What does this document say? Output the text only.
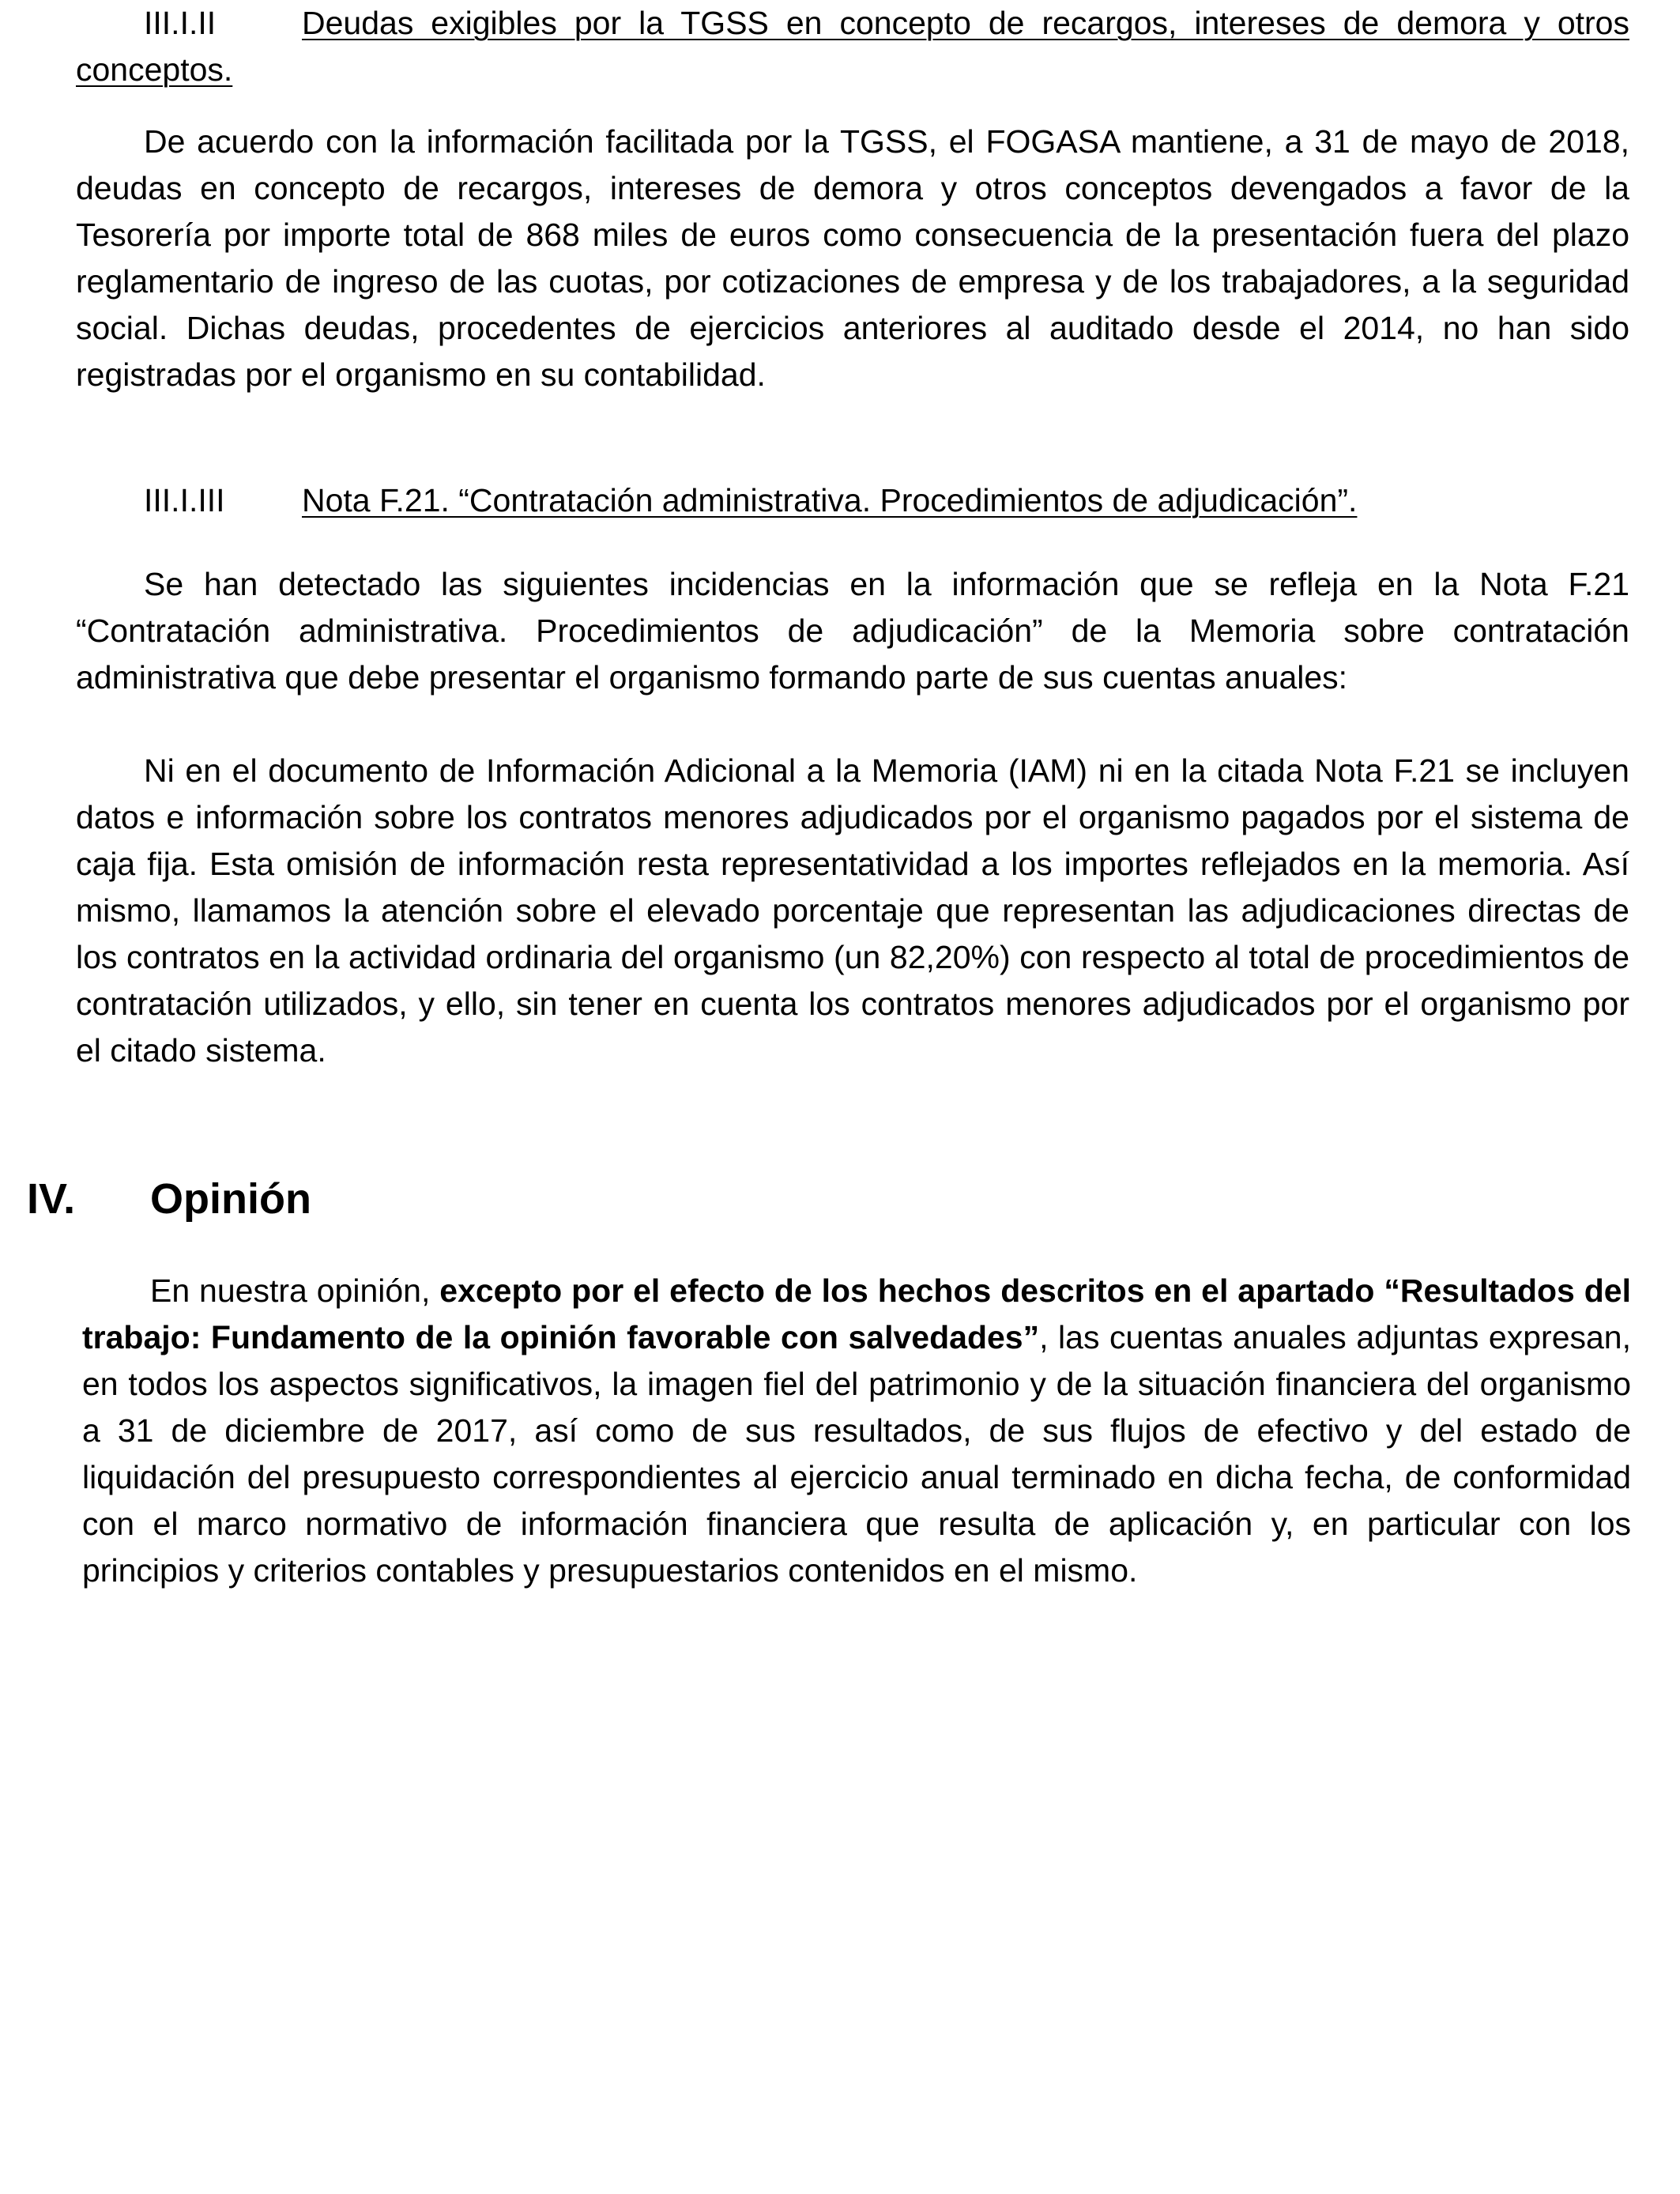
III.I.II	Deudas exigibles por la TGSS en concepto de recargos, intereses de demora y otros conceptos.

De acuerdo con la información facilitada por la TGSS, el FOGASA mantiene, a 31 de mayo de 2018, deudas en concepto de recargos, intereses de demora y otros conceptos devengados a favor de la Tesorería por importe total de 868 miles de euros como consecuencia de la presentación fuera del plazo reglamentario de ingreso de las cuotas, por cotizaciones de empresa y de los trabajadores, a la seguridad social. Dichas deudas, procedentes de ejercicios anteriores al auditado desde el 2014, no han sido registradas por el organismo en su contabilidad.

III.I.III Nota F.21. “Contratación administrativa. Procedimientos de adjudicación”.

Se han detectado las siguientes incidencias en la información que se refleja en la Nota F.21 “Contratación administrativa. Procedimientos de adjudicación” de la Memoria sobre contratación administrativa que debe presentar el organismo formando parte de sus cuentas anuales:

Ni en el documento de Información Adicional a la Memoria (IAM) ni en la citada Nota F.21 se incluyen datos e información sobre los contratos menores adjudicados por el organismo pagados por el sistema de caja fija. Esta omisión de información resta representatividad a los importes reflejados en la memoria. Así mismo, llamamos la atención sobre el elevado porcentaje que representan las adjudicaciones directas de los contratos en la actividad ordinaria del organismo (un 82,20%) con respecto al total de procedimientos de contratación utilizados, y ello, sin tener en cuenta los contratos menores adjudicados por el organismo por el citado sistema.

IV. Opinión

En nuestra opinión, excepto por el efecto de los hechos descritos en el apartado “Resultados del trabajo: Fundamento de la opinión favorable con salvedades”, las cuentas anuales adjuntas expresan, en todos los aspectos significativos, la imagen fiel del patrimonio y de la situación financiera del organismo a 31 de diciembre de 2017, así como de sus resultados, de sus flujos de efectivo y del estado de liquidación del presupuesto correspondientes al ejercicio anual terminado en dicha fecha, de conformidad con el marco normativo de información financiera que resulta de aplicación y, en particular con los principios y criterios contables y presupuestarios contenidos en el mismo.
